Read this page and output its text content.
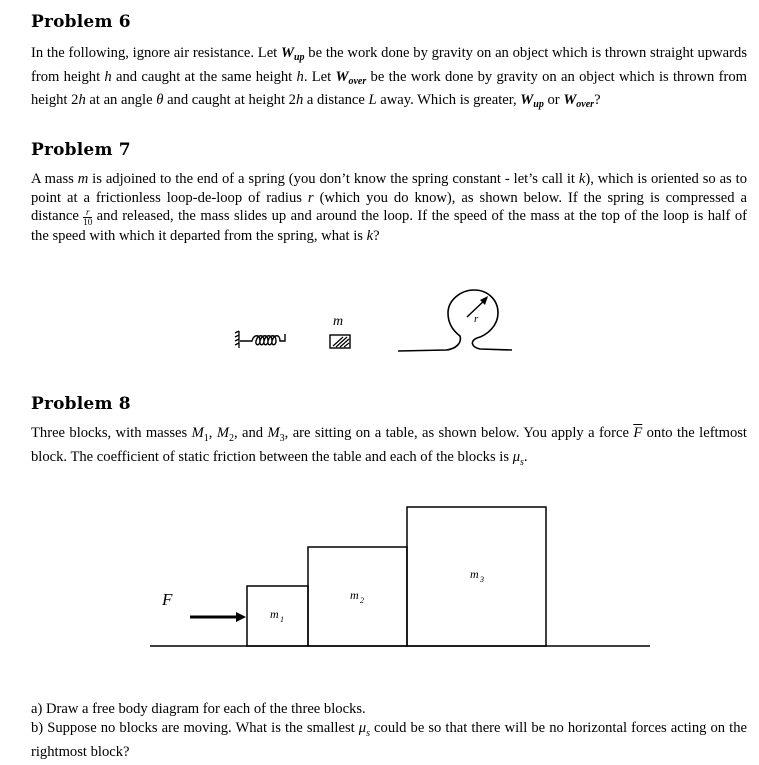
Problem 6
In the following, ignore air resistance. Let $W_{up}$ be the work done by gravity on an object which is thrown straight upwards from height h and caught at the same height h. Let $W_{over}$ be the work done by gravity on an object which is thrown from height 2h at an angle θ and caught at height 2h a distance L away. Which is greater, $W_{up}$ or $W_{over}$?
Problem 7
A mass m is adjoined to the end of a spring (you don’t know the spring constant - let’s call it k), which is oriented so as to point at a frictionless loop-de-loop of radius r (which you do know), as shown below. If the spring is compressed a distance $\frac{r}{10}$ and released, the mass slides up and around the loop. If the speed of the mass at the top of the loop is half of the speed with which it departed from the spring, what is k?
m	r
Problem 8
Three blocks, with masses $M_1$, $M_2$, and $M_3$, are sitting on a table, as shown below. You apply a force $\overline{F}$ onto the leftmost block. The coefficient of static friction between the table and each of the blocks is $\mu_s$.
F
m 1
m 2
m 3
a) Draw a free body diagram for each of the three blocks.
b) Suppose no blocks are moving. What is the smallest $\mu_s$ could be so that there will be no horizontal forces acting on the rightmost block?
